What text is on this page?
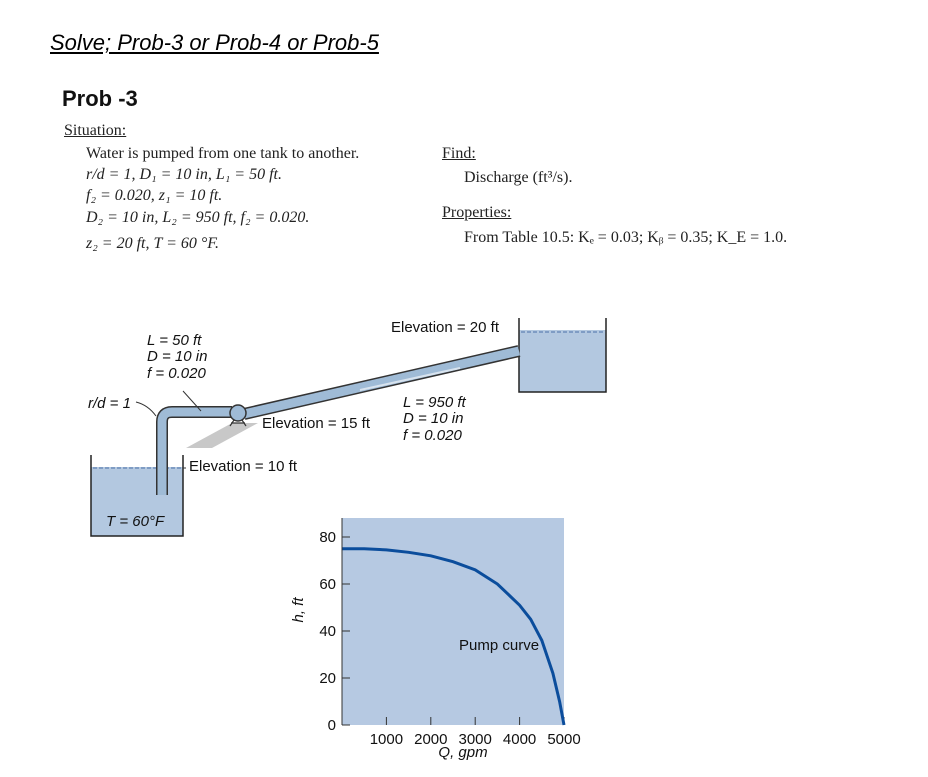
Solve; Prob-3 or Prob-4 or Prob-5
Prob -3
Situation:
Water is pumped from one tank to another.
r/d = 1, D₁ = 10 in, L₁ = 50 ft.
f₂ = 0.020, z₁ = 10 ft.
D₂ = 10 in, L₂ = 950 ft, f₂ = 0.020.
z₂ = 20 ft, T = 60 °F.
Find:
Discharge (ft³/s).
Properties:
From Table 10.5: Kₑ = 0.03; Kᵦ = 0.35; K_E = 1.0.
L = 50 ft
D = 10 in
f = 0.020
r/d = 1
Elevation = 20 ft
Elevation = 15 ft
L = 950 ft
D = 10 in
f = 0.020
Elevation = 10 ft
T = 60°F
0
20
40
60
80
1000 2000 3000 4000 5000
Pump curve
h, ft
Q, gpm
